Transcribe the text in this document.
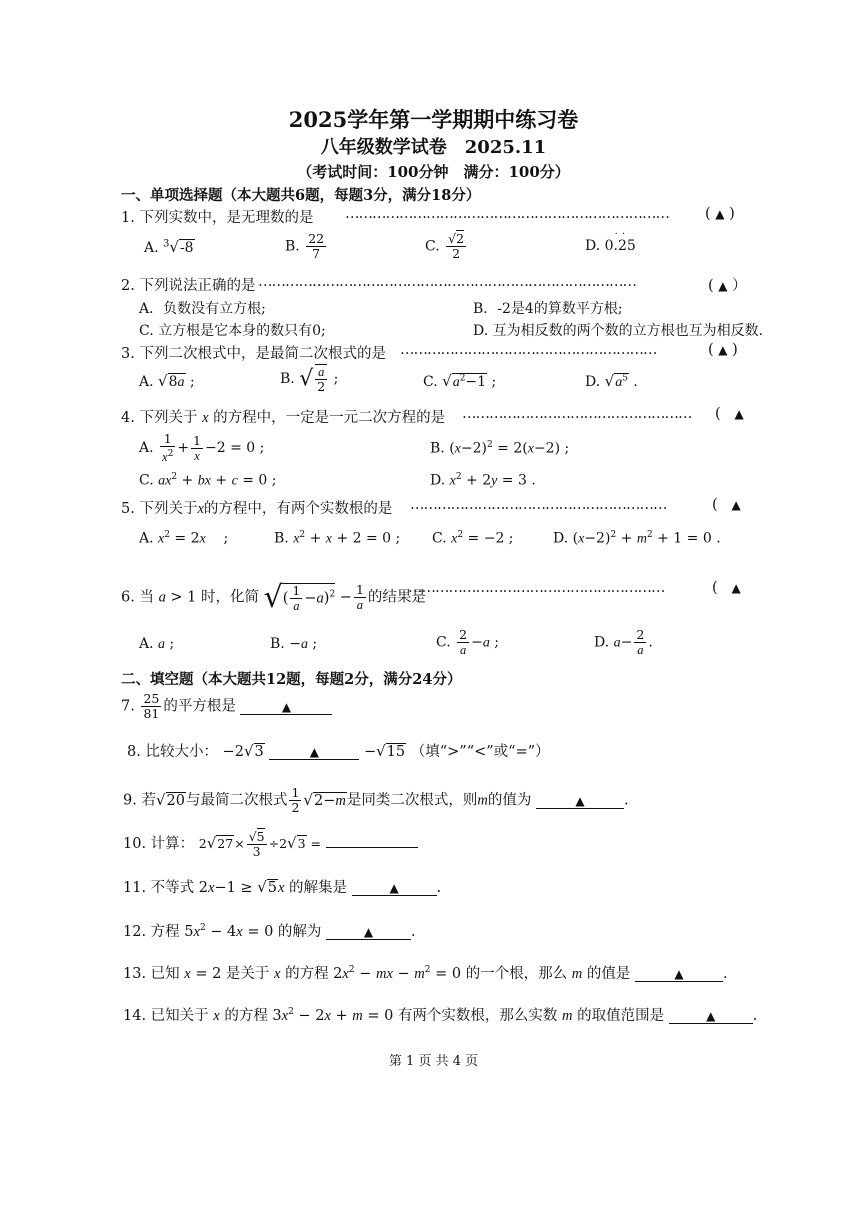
2025学年第一学期期中练习卷
八年级数学试卷　2025.11
（考试时间：100分钟　满分：100分）
一、单项选择题（本大题共6题，每题3分，满分18分）
1. 下列实数中，是无理数的是 ……………………………………………………………… ( ▲ )
A. $^3$√-8	B. $\frac{22}{7}$	C. $\frac{√2}{2}$	D.
··
0.25
2. 下列说法正确的是 …………………………………………………………………………	( ▲ ）
A．负数没有立方根;	B．-2是4的算数平方根;
C. 立方根是它本身的数只有0;	D. 互为相反数的两个数的立方根也互为相反数.
3. 下列二次根式中，是最简二次根式的是 …………………………………………………	( ▲ )
A. √8a ;	B. √ $\frac{a}{2}$ ;	C. $√a^2-1$ ;	D. $√a^5$ .
4. 下列关于 x 的方程中，一定是一元二次方程的是 …………………………………………… (   ▲
A. $\frac{1}{x^2} + \frac{1}{x} -2 = 0$ ;	B. $(x-2)^2 = 2(x-2)$ ;
C. $ax^2$ + bx + c = 0 ;	D. $x^2 + 2y = 3$ .
5. 下列关于x的方程中，有两个实数根的是 …………………………………………………	(   ▲
A. $x^2 = 2x$    ;	B. $x^2 + x + 2 = 0$ ; C. $x^2 = -2$ ;	D. $(x-2)^2 + m^2 + 1 = 0$ .
6. 当 a > 1 时，化简 √( $\frac{1}{a} -a)^2 - \frac{1}{a}$ 的结果是
…………………………………………………	(   ▲
A. a ;	B. −a ;	C. $\frac{2}{a} -a$ ;	D. $a- \frac{2}{a}$ .
二、填空题（本大题共12题，每题2分，满分24分）
7. $\frac{25}{81}$ 的平方根是	▲
8. 比较大小： −2√3	▲	−√15 （填“>”“<”或“=”）
9. 若√20与最简二次根式 $\frac{1}{2} √2-m$是同类二次根式，则m的值为	▲	.
10. 计算： $2√27\times \frac{√5}{3} \div 2√3$ =
11. 不等式 2x−1 ≥ √5x 的解集是	▲	.
12. 方程 $5x^2 - 4x = 0$ 的解为	▲	.
13. 已知 x = 2 是关于 x 的方程 $2x^2$ − mx − $m^2 = 0$ 的一个根，那么 m 的值是	▲	.
14. 已知关于 x 的方程 $3x^2 - 2x + m = 0$ 有两个实数根，那么实数 m 的取值范围是	▲	.
第 1 页 共 4 页
